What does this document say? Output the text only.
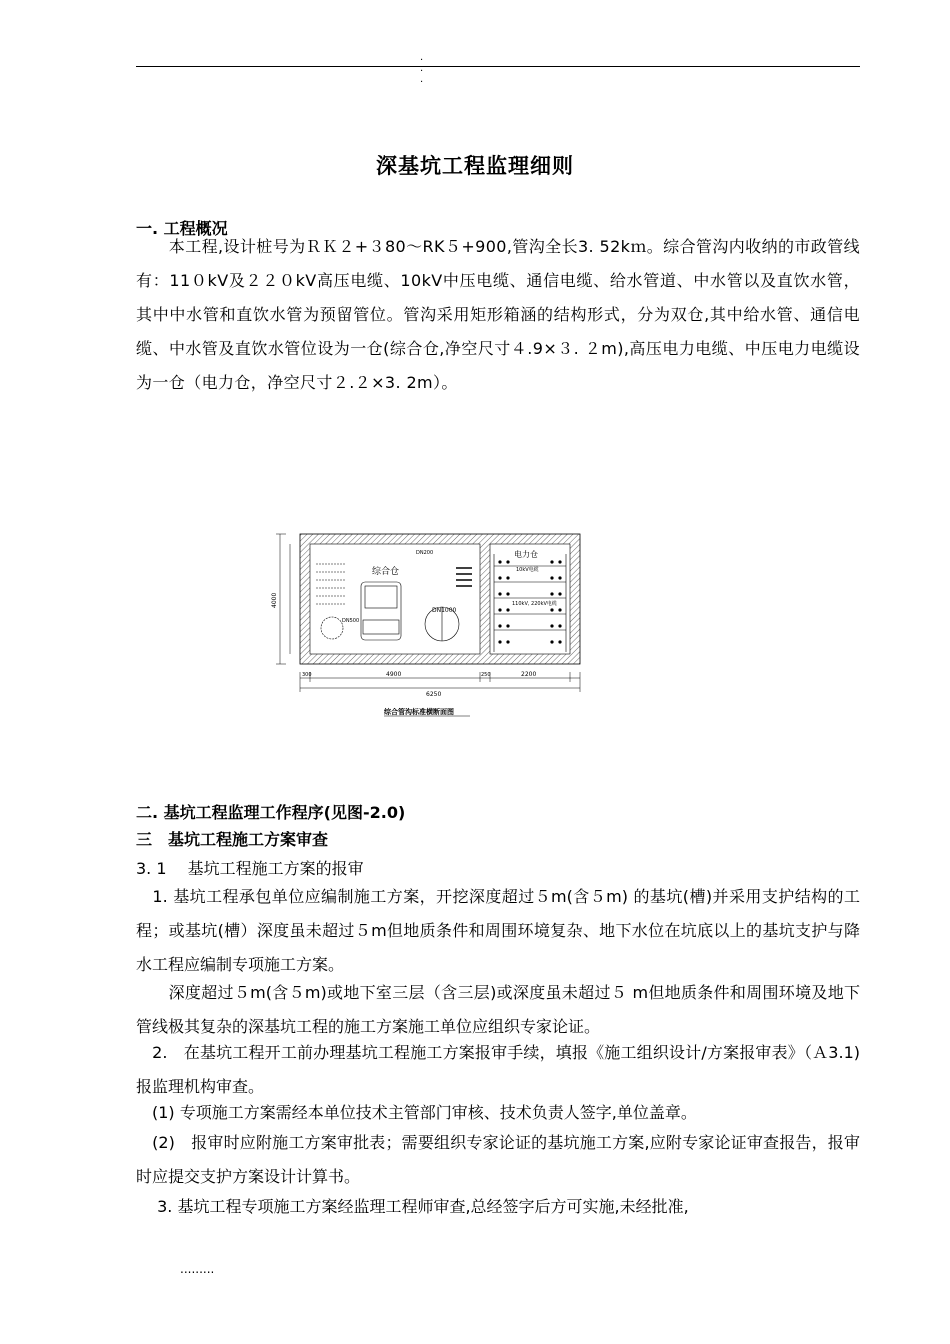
. . .
深基坑工程监理细则
一. 工程概况
　　本工程,设计桩号为ＲＫ２+３80～RK５+900,管沟全长3. 52kｍ。综合管沟内收纳的市政管线有：11０kV及２２０kV高压电缆、10kV中压电缆、通信电缆、给水管道、中水管以及直饮水管，其中中水管和直饮水管为预留管位。管沟采用矩形箱涵的结构形式，分为双仓,其中给水管、通信电缆、中水管及直饮水管位设为一仓(综合仓,净空尺寸４.9×３. ２m),高压电力电缆、中压电力电缆设为一仓（电力仓，净空尺寸２.２×3. 2m）。
综合仓
DN200
DN1000
DN500
电力仓
10kV电缆
110kV, 220kV电缆
4900	2200
300	250
6250
4000
综合管沟标准横断面图
二. 基坑工程监理工作程序(见图-2.0)
三　基坑工程施工方案审查
3. 1　 基坑工程施工方案的报审
　1. 基坑工程承包单位应编制施工方案，开挖深度超过５m(含５m) 的基坑(槽)并采用支护结构的工程；或基坑(槽）深度虽未超过５m但地质条件和周围环境复杂、地下水位在坑底以上的基坑支护与降水工程应编制专项施工方案。
　　深度超过５m(含５m)或地下室三层（含三层)或深度虽未超过５ m但地质条件和周围环境及地下管线极其复杂的深基坑工程的施工方案施工单位应组织专家论证。
　2.　在基坑工程开工前办理基坑工程施工方案报审手续，填报《施工组织设计/方案报审表》（Ａ3.1)报监理机构审查。
　(1) 专项施工方案需经本单位技术主管部门审核、技术负责人签字,单位盖章。
　(2)　报审时应附施工方案审批表；需要组织专家论证的基坑施工方案,应附专家论证审查报告，报审时应提交支护方案设计计算书。
　 3. 基坑工程专项施工方案经监理工程师审查,总经签字后方可实施,未经批准,
.........
